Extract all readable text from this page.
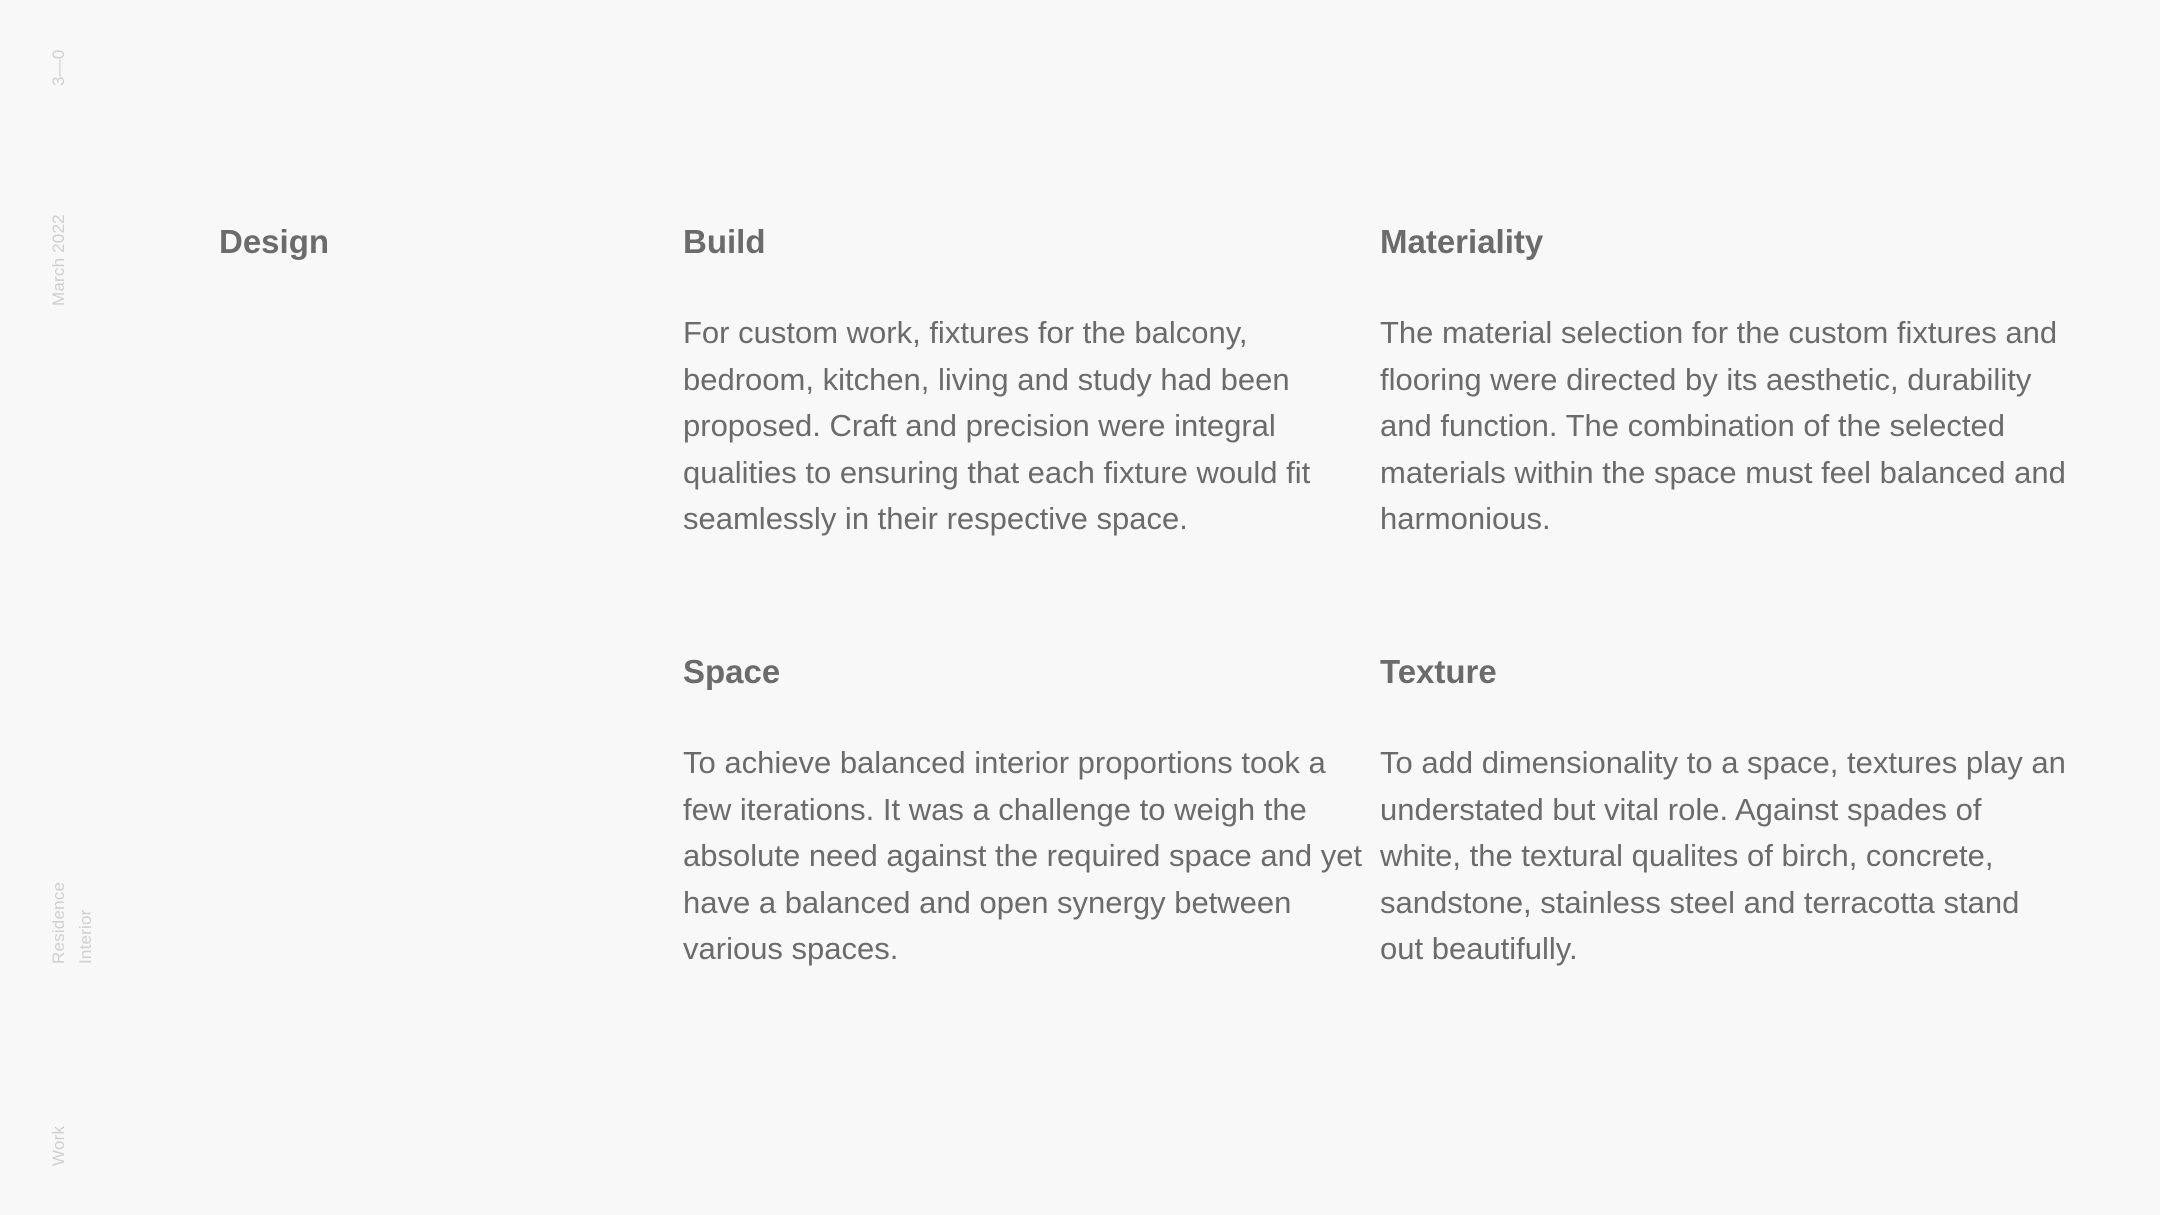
3—0
March 2022
Residence Interior
Work
Design	Build	Materiality

For custom work, fixtures for the balcony, bedroom, kitchen, living and study had been proposed. Craft and precision were integral qualities to ensuring that each fixture would fit seamlessly in their respective space.

The material selection for the custom fixtures and flooring were directed by its aesthetic, durability and function. The combination of the selected materials within the space must feel balanced and harmonious.

Space	Texture

To achieve balanced interior proportions took a few iterations. It was a challenge to weigh the absolute need against the required space and yet have a balanced and open synergy between various spaces.

To add dimensionality to a space, textures play an understated but vital role. Against spades of white, the textural qualites of birch, concrete, sandstone, stainless steel and terracotta stand out beautifully.
